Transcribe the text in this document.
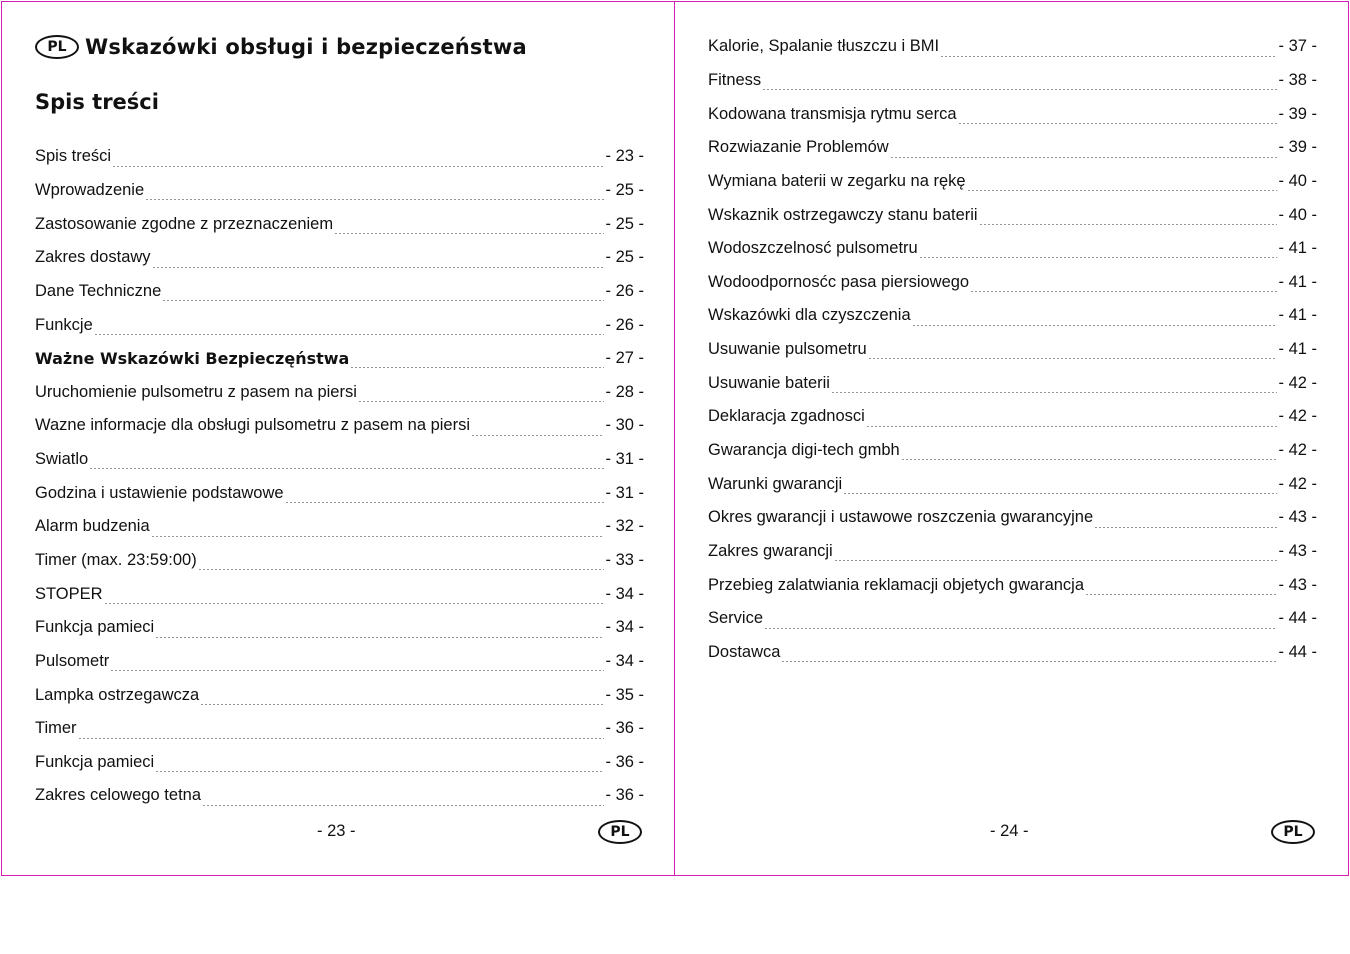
PL Wskazówki obsługi i bezpieczeństwa
Spis treści
Spis treści	- 23 -
Wprowadzenie	- 25 -
Zastosowanie zgodne z przeznaczeniem	- 25 -
Zakres dostawy	- 25 -
Dane Techniczne	- 26 -
Funkcje	- 26 -
Ważne Wskazówki Bezpieczęństwa	- 27 -
Uruchomienie pulsometru z pasem na piersi	- 28 -
Wazne informacje dla obsługi pulsometru z pasem na piersi	- 30 -
Swiatlo	- 31 -
Godzina i ustawienie podstawowe	- 31 -
Alarm budzenia	- 32 -
Timer (max. 23:59:00)	- 33 -
STOPER	- 34 -
Funkcja pamieci	- 34 -
Pulsometr	- 34 -
Lampka ostrzegawcza	- 35 -
Timer	- 36 -
Funkcja pamieci	- 36 -
Zakres celowego tetna	- 36 -
- 23 -	PL
Kalorie, Spalanie tłuszczu i BMI	- 37 -
Fitness	- 38 -
Kodowana transmisja rytmu serca	- 39 -
Rozwiazanie Problemów	- 39 -
Wymiana baterii w zegarku na rękę	- 40 -
Wskaznik ostrzegawczy stanu baterii	- 40 -
Wodoszczelnosć pulsometru	- 41 -
Wodoodpornosćc pasa piersiowego	- 41 -
Wskazówki dla czyszczenia	- 41 -
Usuwanie pulsometru	- 41 -
Usuwanie baterii	- 42 -
Deklaracja zgadnosci	- 42 -
Gwarancja digi-tech gmbh	- 42 -
Warunki gwarancji	- 42 -
Okres gwarancji i ustawowe roszczenia gwarancyjne	- 43 -
Zakres gwarancji	- 43 -
Przebieg zalatwiania reklamacji objetych gwarancja	- 43 -
Service	- 44 -
Dostawca	- 44 -
- 24 -	PL
